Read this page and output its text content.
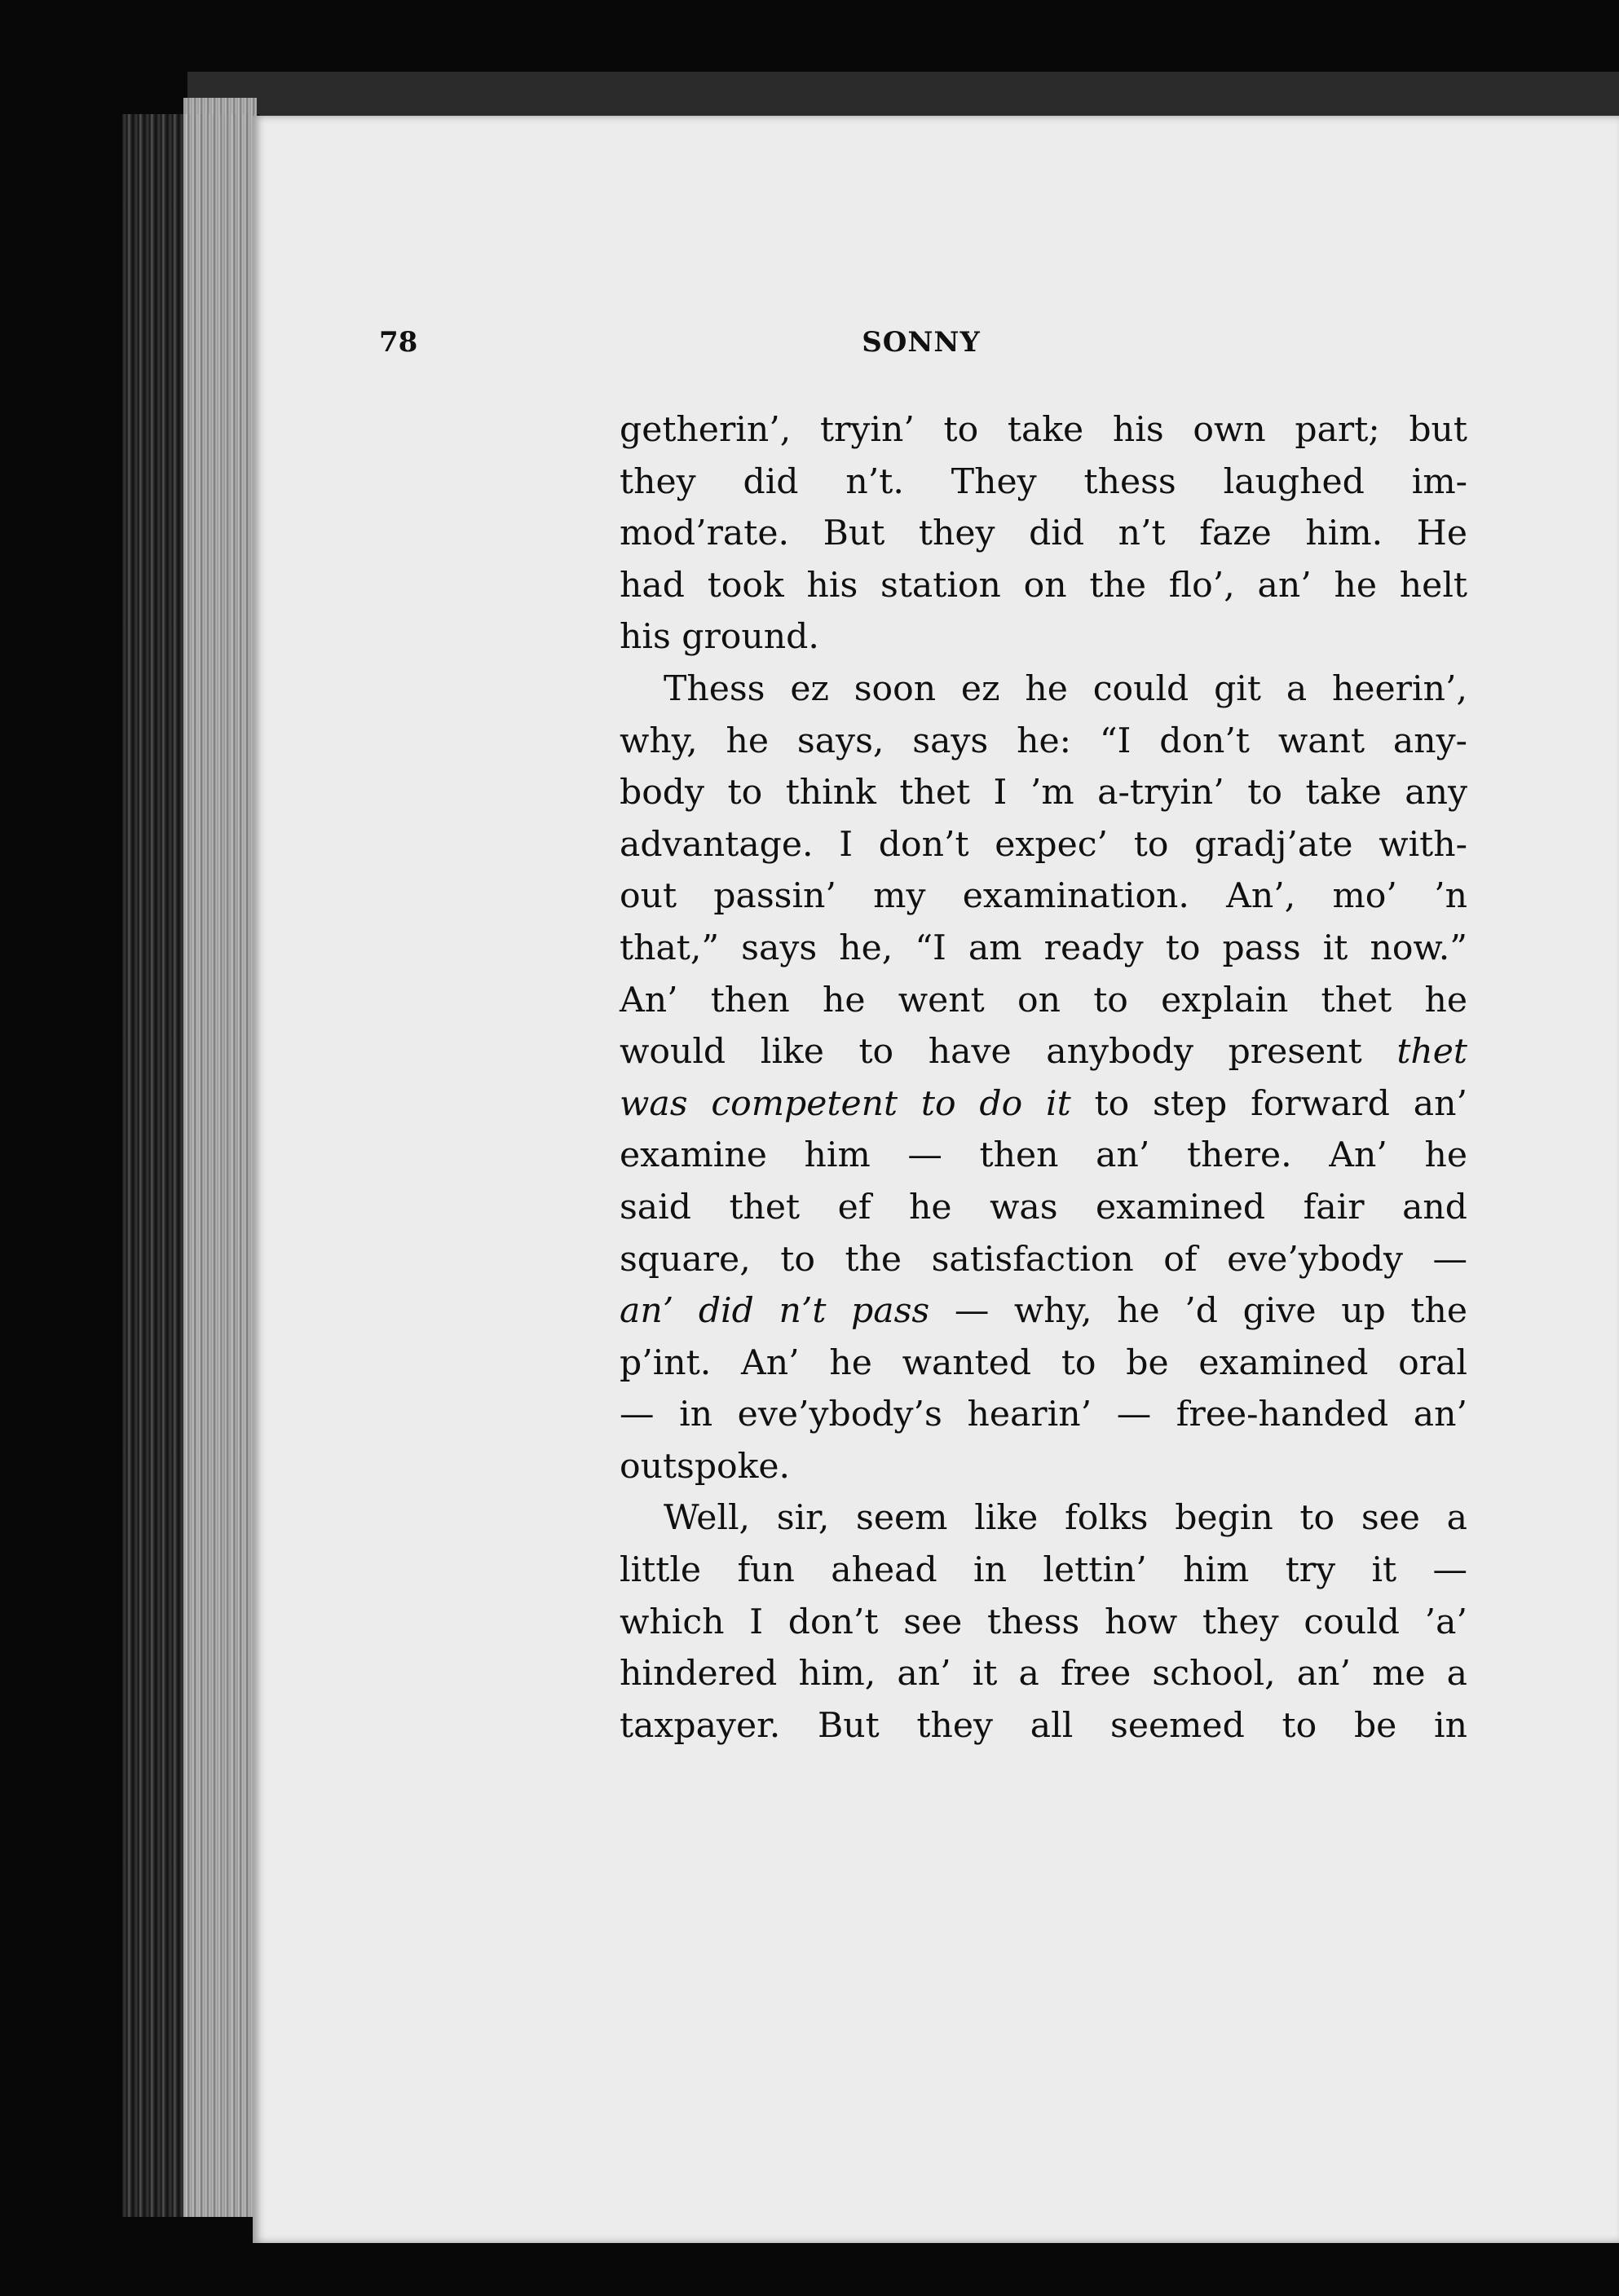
78	SONNY
getherin’, tryin’ to take his own part; but
they did n’t. They thess laughed im-
mod’rate. But they did n’t faze him. He
had took his station on the flo’, an’ he helt
his ground.
Thess ez soon ez he could git a heerin’,
why, he says, says he: “I don’t want any-
body to think thet I ’m a-tryin’ to take any
advantage. I don’t expec’ to gradj’ate with-
out passin’ my examination. An’, mo’ ’n
that,” says he, “I am ready to pass it now.”
An’ then he went on to explain thet he
would like to have anybody present thet
was competent to do it to step forward an’
examine him — then an’ there. An’ he
said thet ef he was examined fair and
square, to the satisfaction of eve’ybody —
an’ did n’t pass — why, he ’d give up the
p’int. An’ he wanted to be examined oral
— in eve’ybody’s hearin’ — free-handed an’
outspoke.
Well, sir, seem like folks begin to see a
little fun ahead in lettin’ him try it —
which I don’t see thess how they could ’a’
hindered him, an’ it a free school, an’ me a
taxpayer. But they all seemed to be in
